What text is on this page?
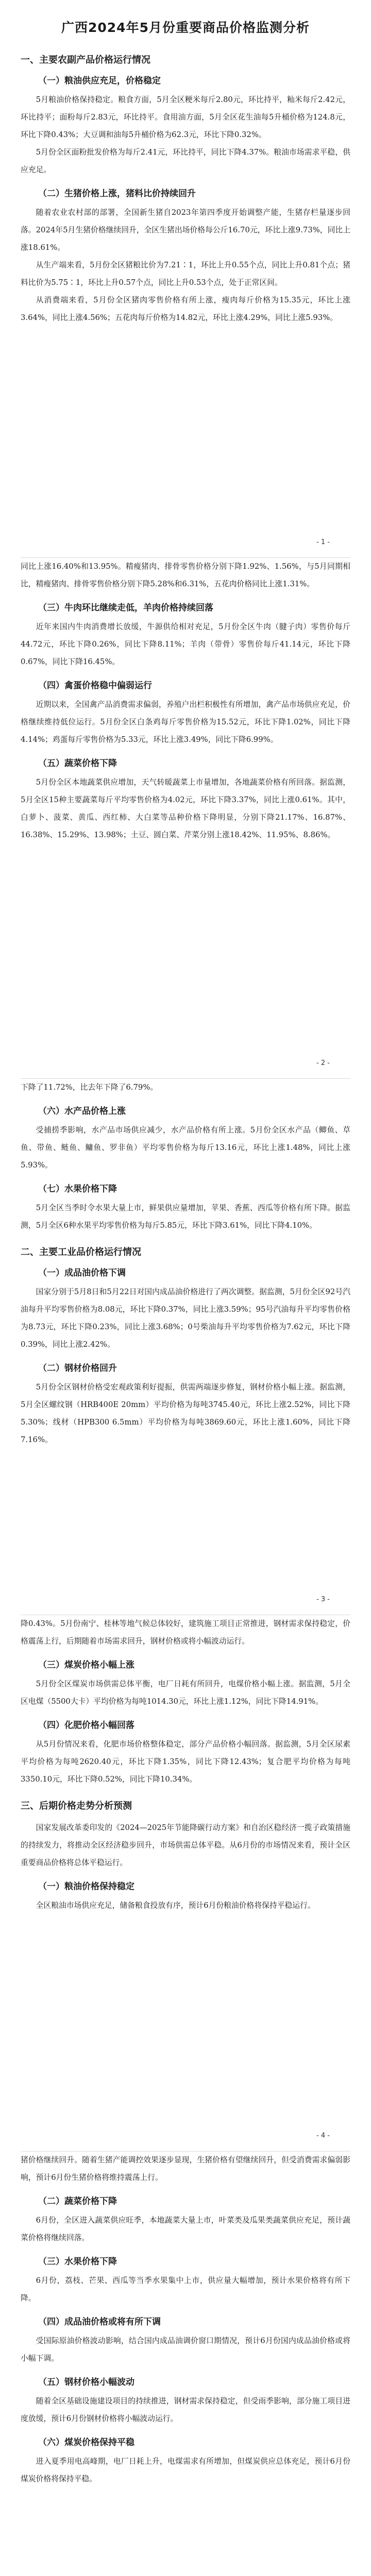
广西2024年5月份重要商品价格监测分析
一、主要农副产品价格运行情况
（一）粮油供应充足，价格稳定
5月粮油价格保持稳定。粮食方面，5月全区粳米每斤2.80元，环比持平，籼米每斤2.42元，环比持平；面粉每斤2.83元，环比持平。食用油方面，5月全区花生油每5升桶价格为124.8元，环比下降0.43%；大豆调和油每5升桶价格为62.3元，环比下降0.32%。
5月份全区面粉批发价格为每斤2.41元，环比持平，同比下降4.37%。粮油市场需求平稳，供应充足。
（二）生猪价格上涨，猪料比价持续回升
随着农业农村部的部署，全国新生猪自2023年第四季度开始调整产能，生猪存栏量逐步回落。2024年5月生猪价格继续回升，全区生猪出场价格每公斤16.70元，环比上涨9.73%，同比上涨18.61%。
从生产端来看，5月份全区猪粮比价为7.21∶1，环比上升0.55个点，同比上升0.81个点；猪料比价为5.75∶1，环比上升0.57个点，同比上升0.53个点，处于正常区间。
从消费端来看，5月份全区猪肉零售价格有所上涨，瘦肉每斤价格为15.35元，环比上涨3.64%，同比上涨4.56%；五花肉每斤价格为14.82元，环比上涨4.29%，同比上涨5.93%。
- 1 -
同比上涨16.40%和13.95%。精瘦猪肉、排骨零售价格分别下降1.92%、1.56%，与5月同期相比，精瘦猪肉、排骨零售价格分别下降5.28%和6.31%，五花肉价格同比上涨1.31%。
（三）牛肉环比继续走低，羊肉价格持续回落
近年来国内牛肉消费增长放缓，牛源供给相对充足，5月份全区牛肉（腱子肉）零售价每斤44.72元，环比下降0.26%，同比下降8.11%；羊肉（带骨）零售价每斤41.14元，环比下降0.67%，同比下降16.45%。
（四）禽蛋价格稳中偏弱运行
近期以来，全国禽产品消费需求偏弱，养殖户出栏积极性有所增加，禽产品市场供应充足，价格继续维持低位运行。5月份全区白条鸡每斤零售价格为15.52元，环比下降1.02%，同比下降4.14%；鸡蛋每斤零售价格为5.33元，环比上涨3.49%，同比下降6.99%。
（五）蔬菜价格下降
5月份全区本地蔬菜供应增加，天气转暖蔬菜上市量增加，各地蔬菜价格有所回落。据监测，5月全区15种主要蔬菜每斤平均零售价格为4.02元，环比下降3.37%，同比上涨0.61%。其中，白萝卜、菠菜、黄瓜、西红柿、大白菜等品种价格下降明显，分别下降21.17%、16.87%、16.38%、15.29%、13.98%；土豆、圆白菜、芹菜分别上涨18.42%、11.95%、8.86%。
- 2 -
下降了11.72%，比去年下降了6.79%。
（六）水产品价格上涨
受捕捞季影响，水产品市场供应减少，水产品价格有所上涨。5月份全区水产品（鲫鱼、草鱼、带鱼、鲢鱼、鳙鱼、罗非鱼）平均零售价格为每斤13.16元，环比上涨1.48%，同比上涨5.93%。
（七）水果价格下降
5月全区当季时令水果大量上市，鲜果供应量增加，苹果、香蕉、西瓜等价格有所下降。据监测，5月全区6种水果平均零售价格为每斤5.85元，环比下降3.61%，同比下降4.10%。
二、主要工业品价格运行情况
（一）成品油价格下调
国家分别于5月8日和5月22日对国内成品油价格进行了两次调整。据监测，5月份全区92号汽油每升平均零售价格为8.08元，环比下降0.37%，同比上涨3.59%；95号汽油每升平均零售价格为8.73元，环比下降0.23%，同比上涨3.68%；0号柴油每升平均零售价格为7.62元，环比下降0.39%，同比上涨2.42%。
（二）钢材价格回升
5月份全区钢材价格受宏观政策利好提振，供需两端逐步修复，钢材价格小幅上涨。据监测，5月全区螺纹钢（HRB400E 20mm）平均价格为每吨3745.40元，环比上涨2.52%，同比下降5.30%；线材（HPB300 6.5mm）平均价格为每吨3869.60元，环比上涨1.60%，同比下降7.16%。
- 3 -
降0.43%。5月份南宁、桂林等地气候总体较好，建筑施工项目正常推进，钢材需求保持稳定，价格震荡上行，后期随着市场需求回升，钢材价格或将小幅波动运行。
（三）煤炭价格小幅上涨
5月份全区煤炭市场供需总体平衡，电厂日耗有所回升，电煤价格小幅上涨。据监测，5月全区电煤（5500大卡）平均价格为每吨1014.30元，环比上涨1.12%，同比下降14.91%。
（四）化肥价格小幅回落
从5月份情况来看，化肥市场价格整体稳定，部分产品价格小幅回落。据监测，5月全区尿素平均价格为每吨2620.40元，环比下降1.35%，同比下降12.43%；复合肥平均价格为每吨3350.10元，环比下降0.52%，同比下降10.34%。
三、后期价格走势分析预测
国家发展改革委印发的《2024—2025年节能降碳行动方案》和自治区稳经济一揽子政策措施的持续发力，将推动全区经济稳步回升，市场供需总体平稳。从6月份的市场情况来看，预计全区重要商品价格将总体平稳运行。
（一）粮油价格保持稳定
全区粮油市场供应充足，储备粮食投放有序，预计6月份粮油价格将保持平稳运行。
- 4 -
猪价格继续回升。随着生猪产能调控效果逐步显现，生猪价格有望继续回升，但受消费需求偏弱影响，预计6月份生猪价格将维持震荡上行。
（二）蔬菜价格下降
6月份，全区进入蔬菜供应旺季，本地蔬菜大量上市，叶菜类及瓜果类蔬菜供应充足，预计蔬菜价格将继续回落。
（三）水果价格下降
6月份，荔枝、芒果、西瓜等当季水果集中上市，供应量大幅增加，预计水果价格将有所下降。
（四）成品油价格或将有所下调
受国际原油价格波动影响，结合国内成品油调价窗口期情况，预计6月份国内成品油价格或将小幅下调。
（五）钢材价格小幅波动
随着全区基础设施建设项目的持续推进，钢材需求保持稳定，但受雨季影响，部分施工项目进度放缓，预计6月份钢材价格将小幅波动运行。
（六）煤炭价格保持平稳
进入夏季用电高峰期，电厂日耗上升，电煤需求有所增加，但煤炭供应总体充足，预计6月份煤炭价格将保持平稳。
